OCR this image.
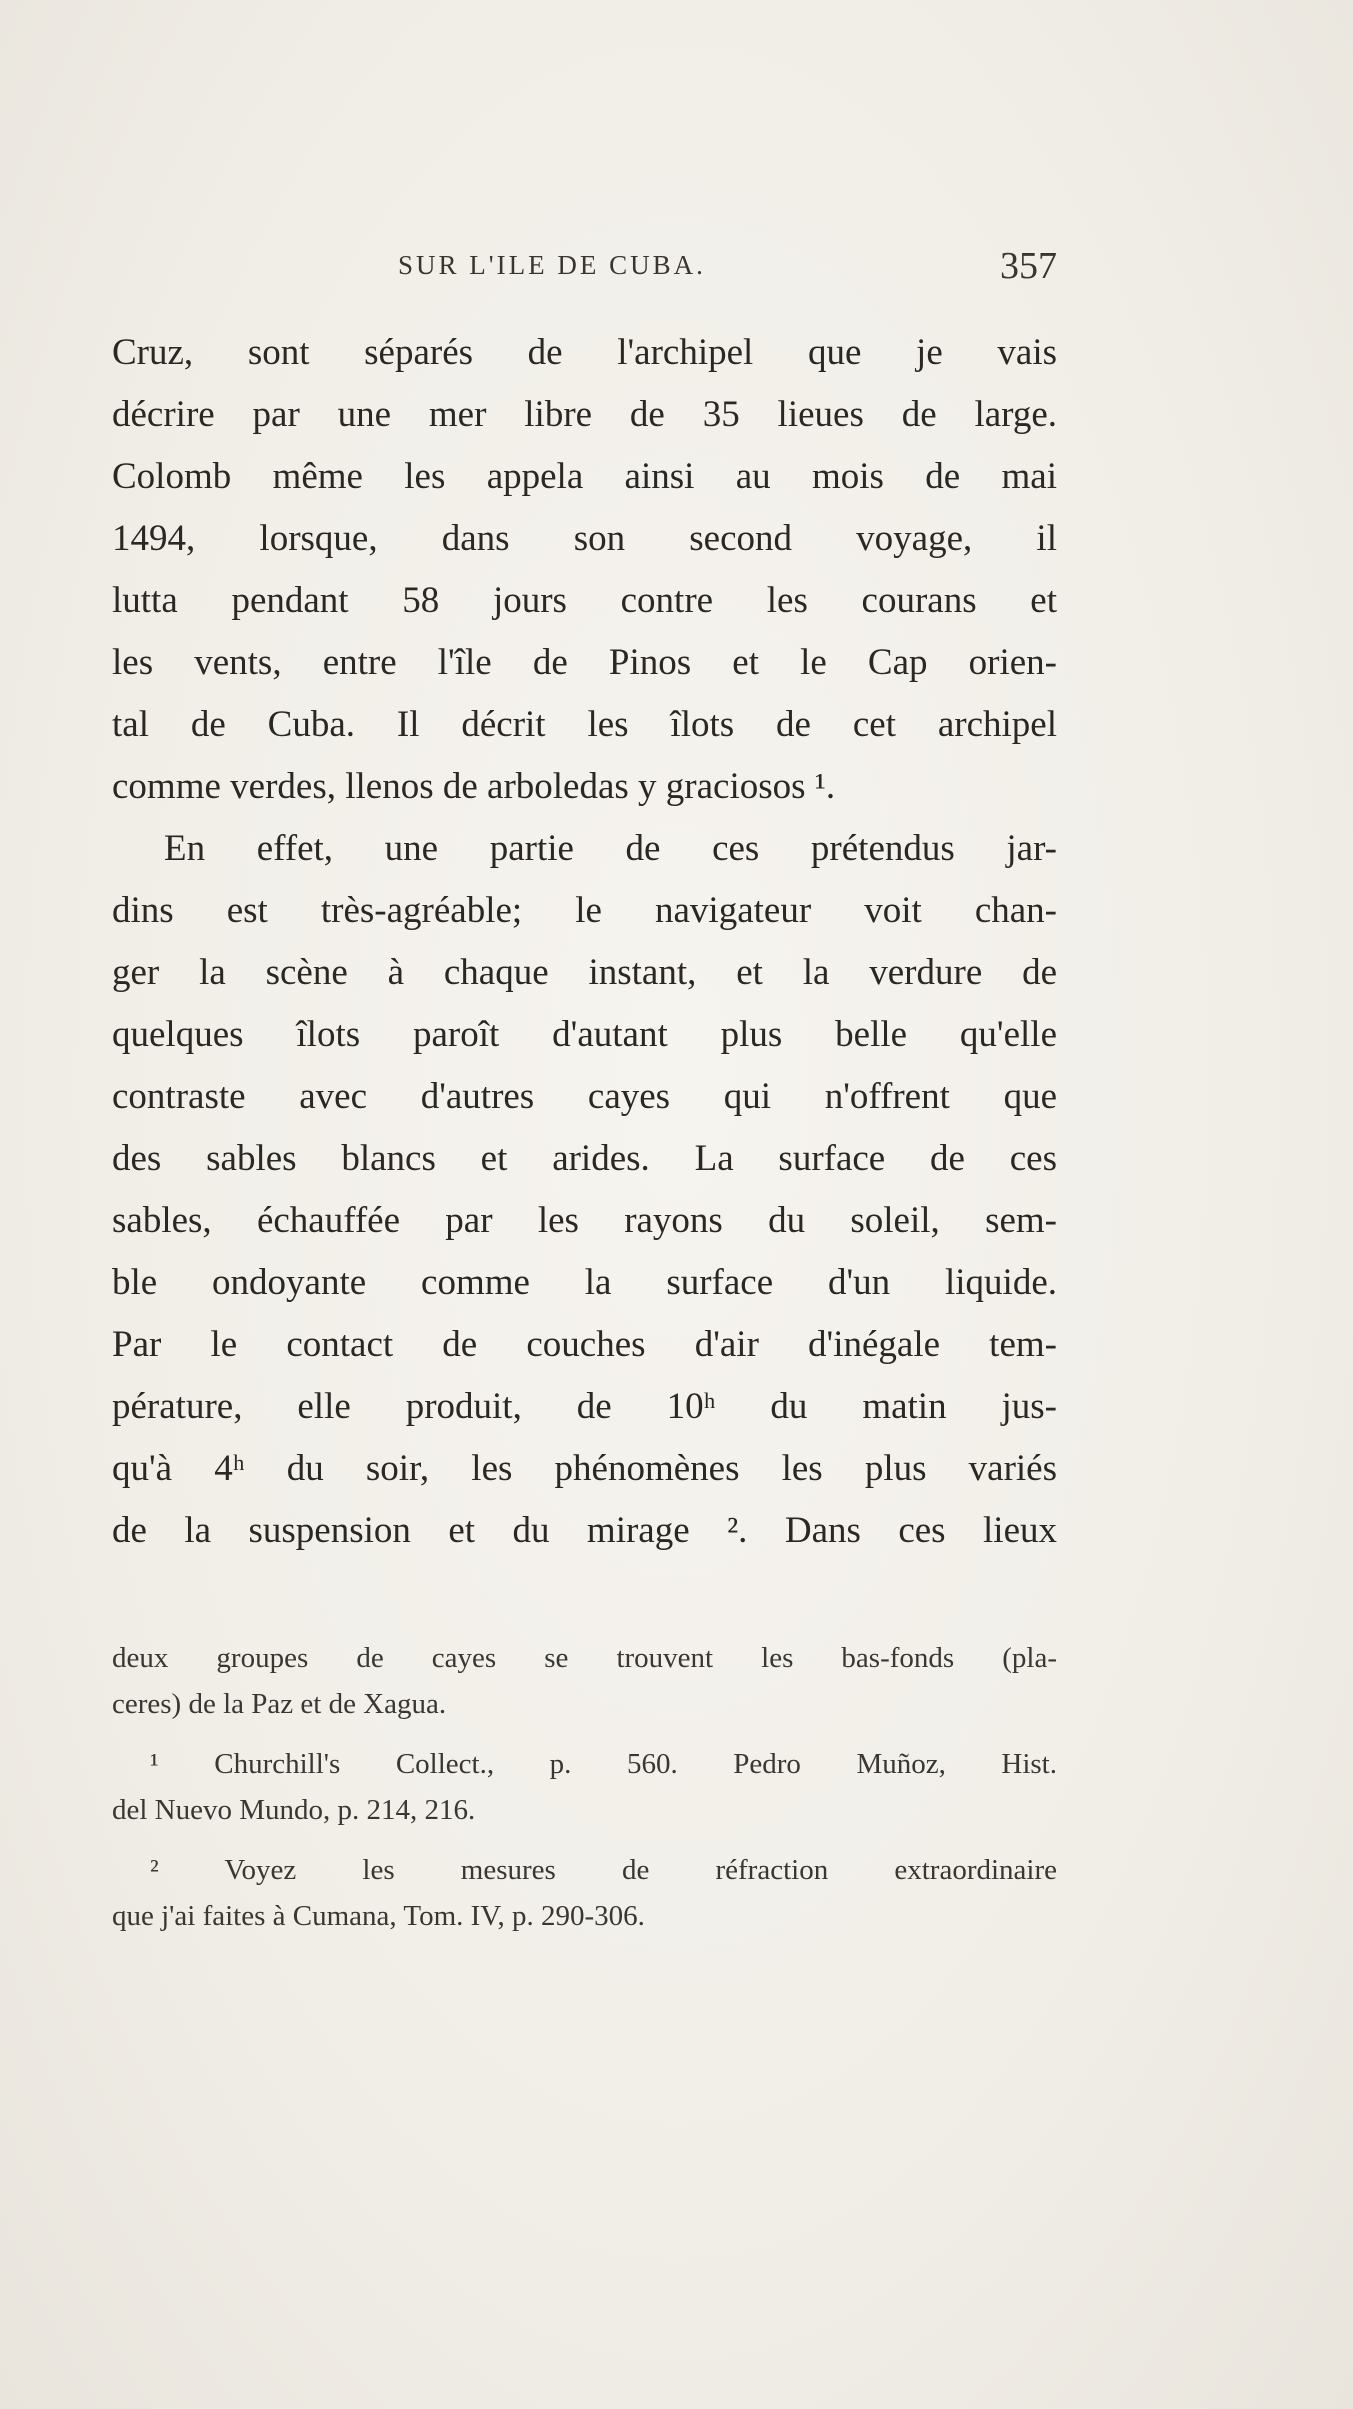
SUR L'ILE DE CUBA.	357
Cruz, sont séparés de l'archipel que je vais
décrire par une mer libre de 35 lieues de large.
Colomb même les appela ainsi au mois de mai
1494, lorsque, dans son second voyage, il
lutta pendant 58 jours contre les courans et
les vents, entre l'île de Pinos et le Cap orien-
tal de Cuba. Il décrit les îlots de cet archipel
comme verdes, llenos de arboledas y graciosos ¹.
En effet, une partie de ces prétendus jar-
dins est très-agréable; le navigateur voit chan-
ger la scène à chaque instant, et la verdure de
quelques îlots paroît d'autant plus belle qu'elle
contraste avec d'autres cayes qui n'offrent que
des sables blancs et arides. La surface de ces
sables, échauffée par les rayons du soleil, sem-
ble ondoyante comme la surface d'un liquide.
Par le contact de couches d'air d'inégale tem-
pérature, elle produit, de 10ʰ du matin jus-
qu'à 4ʰ du soir, les phénomènes les plus variés
de la suspension et du mirage ². Dans ces lieux
deux groupes de cayes se trouvent les bas-fonds (pla-
ceres) de la Paz et de Xagua.
¹ Churchill's Collect., p. 560. Pedro Muñoz, Hist.
del Nuevo Mundo, p. 214, 216.
² Voyez les mesures de réfraction extraordinaire
que j'ai faites à Cumana, Tom. IV, p. 290-306.
